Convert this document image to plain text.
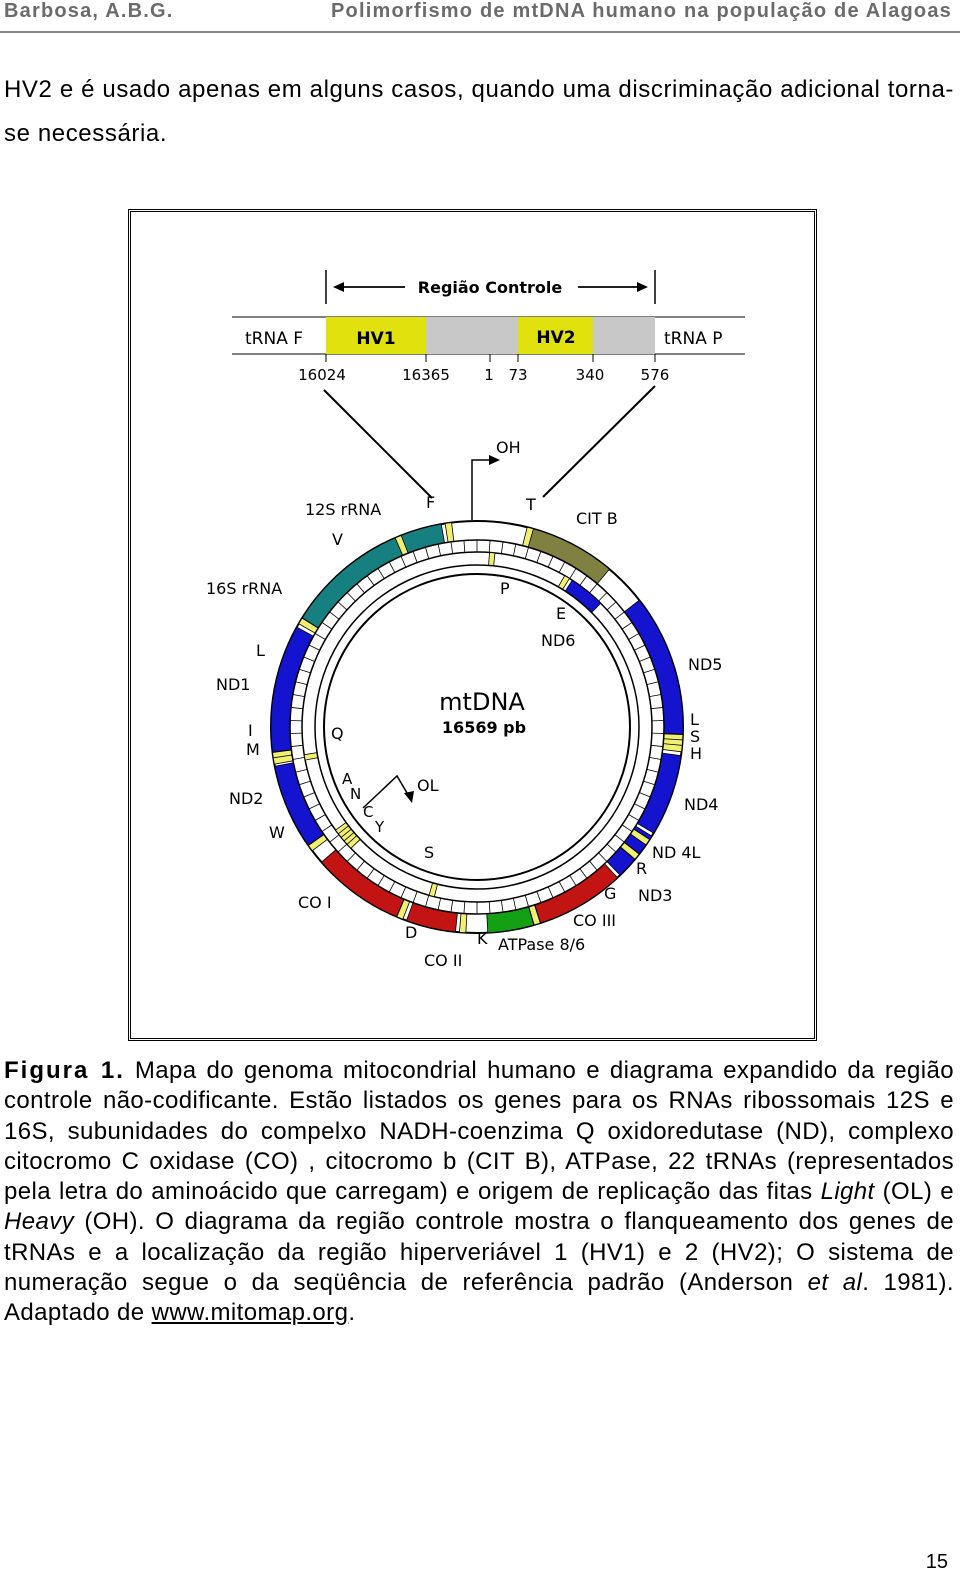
Barbosa, A.B.G.	Polimorfismo de mtDNA humano na população de Alagoas
HV2 e é usado apenas em alguns casos, quando uma discriminação adicional torna-se necessária.
Região Controle
tRNA F	tRNA P
HV1	HV2
16024	16365 1 73	340 576
mtDNA
16569 pb
OH
OL
12S rRNA	F
V
16S rRNA
L
ND1
I
M
Q
ND2
W
A
N
C
Y
S
CO I
D	K
CO II
ATPase 8/6
CO III
G ND3
R
ND 4L
ND4
L
S
H
ND5
E
ND6
P
T
CIT B
Figura 1. Mapa do genoma mitocondrial humano e diagrama expandido da região controle não-codificante. Estão listados os genes para os RNAs ribossomais 12S e 16S, subunidades do compelxo NADH-coenzima Q oxidoredutase (ND), complexo citocromo C oxidase (CO) , citocromo b (CIT B), ATPase, 22 tRNAs (representados pela letra do aminoácido que carregam) e origem de replicação das fitas Light (OL) e Heavy (OH). O diagrama da região controle mostra o flanqueamento dos genes de tRNAs e a localização da região hiperveriável 1 (HV1) e 2 (HV2); O sistema de numeração segue o da seqüência de referência padrão (Anderson et al. 1981). Adaptado de www.mitomap.org.
15
